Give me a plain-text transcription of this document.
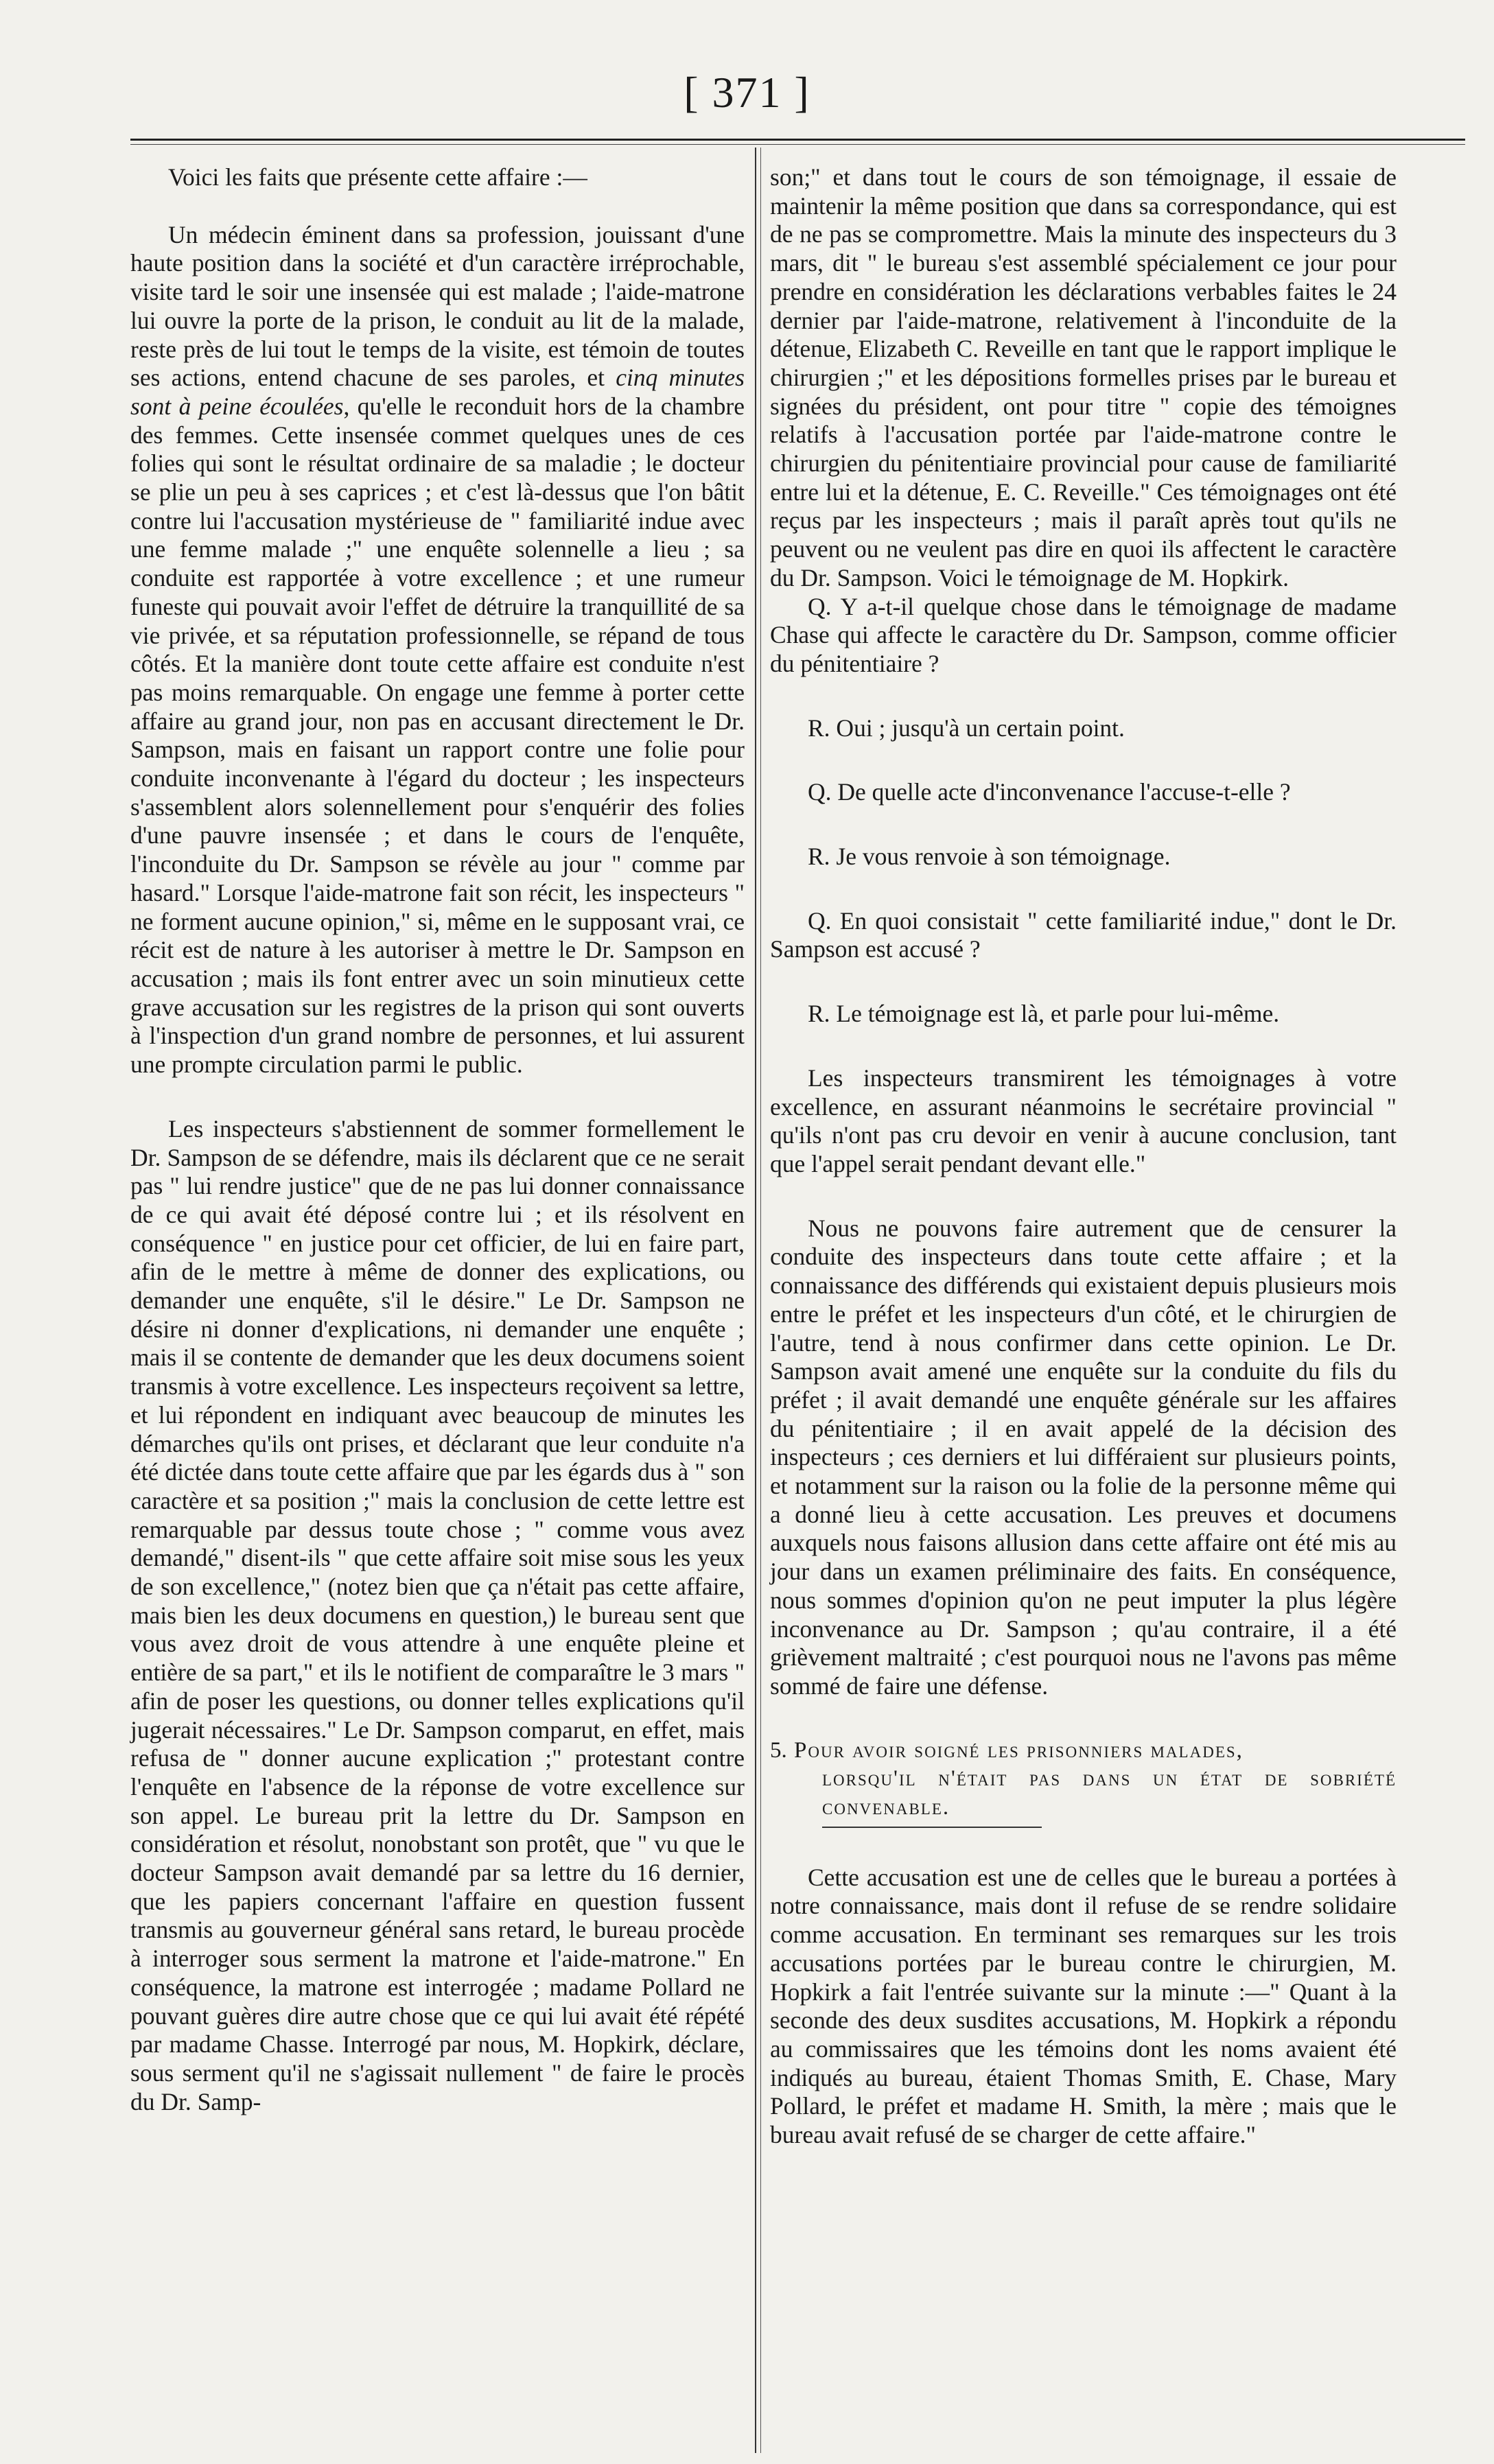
[ 371 ]

Voici les faits que présente cette affaire :—

Un médecin éminent dans sa profession, jouissant d'une haute position dans la société et d'un caractère irréprochable, visite tard le soir une insensée qui est malade ; l'aide-matrone lui ouvre la porte de la prison, le conduit au lit de la malade, reste près de lui tout le temps de la visite, est témoin de toutes ses actions, entend chacune de ses paroles, et cinq minutes sont à peine écoulées, qu'elle le reconduit hors de la chambre des femmes. Cette insensée commet quelques unes de ces folies qui sont le résultat ordinaire de sa maladie ; le docteur se plie un peu à ses caprices ; et c'est là-dessus que l'on bâtit contre lui l'accusation mystérieuse de " familiarité indue avec une femme malade ;" une enquête solennelle a lieu ; sa conduite est rapportée à votre excellence ; et une rumeur funeste qui pouvait avoir l'effet de détruire la tranquillité de sa vie privée, et sa réputation professionnelle, se répand de tous côtés. Et la manière dont toute cette affaire est conduite n'est pas moins remarquable. On engage une femme à porter cette affaire au grand jour, non pas en accusant directement le Dr. Sampson, mais en faisant un rapport contre une folie pour conduite inconvenante à l'égard du docteur ; les inspecteurs s'assemblent alors solennellement pour s'enquérir des folies d'une pauvre insensée ; et dans le cours de l'enquête, l'inconduite du Dr. Sampson se révèle au jour " comme par hasard." Lorsque l'aide-matrone fait son récit, les inspecteurs " ne forment aucune opinion," si, même en le supposant vrai, ce récit est de nature à les autoriser à mettre le Dr. Sampson en accusation ; mais ils font entrer avec un soin minutieux cette grave accusation sur les registres de la prison qui sont ouverts à l'inspection d'un grand nombre de personnes, et lui assurent une prompte circulation parmi le public.

Les inspecteurs s'abstiennent de sommer formellement le Dr. Sampson de se défendre, mais ils déclarent que ce ne serait pas " lui rendre justice" que de ne pas lui donner connaissance de ce qui avait été déposé contre lui ; et ils résolvent en conséquence " en justice pour cet officier, de lui en faire part, afin de le mettre à même de donner des explications, ou demander une enquête, s'il le désire." Le Dr. Sampson ne désire ni donner d'explications, ni demander une enquête ; mais il se contente de demander que les deux documens soient transmis à votre excellence. Les inspecteurs reçoivent sa lettre, et lui répondent en indiquant avec beaucoup de minutes les démarches qu'ils ont prises, et déclarant que leur conduite n'a été dictée dans toute cette affaire que par les égards dus à " son caractère et sa position ;" mais la conclusion de cette lettre est remarquable par dessus toute chose ; " comme vous avez demandé," disent-ils " que cette affaire soit mise sous les yeux de son excellence," (notez bien que ça n'était pas cette affaire, mais bien les deux documens en question,) le bureau sent que vous avez droit de vous attendre à une enquête pleine et entière de sa part," et ils le notifient de comparaître le 3 mars " afin de poser les questions, ou donner telles explications qu'il jugerait nécessaires." Le Dr. Sampson comparut, en effet, mais refusa de " donner aucune explication ;" protestant contre l'enquête en l'absence de la réponse de votre excellence sur son appel. Le bureau prit la lettre du Dr. Sampson en considération et résolut, nonobstant son protêt, que " vu que le docteur Sampson avait demandé par sa lettre du 16 dernier, que les papiers concernant l'affaire en question fussent transmis au gouverneur général sans retard, le bureau procède à interroger sous serment la matrone et l'aide-matrone." En conséquence, la matrone est interrogée ; madame Pollard ne pouvant guères dire autre chose que ce qui lui avait été répété par madame Chasse. Interrogé par nous, M. Hopkirk, déclare, sous serment qu'il ne s'agissait nullement " de faire le procès du Dr. Samp-

son;" et dans tout le cours de son témoignage, il essaie de maintenir la même position que dans sa correspondance, qui est de ne pas se compromettre. Mais la minute des inspecteurs du 3 mars, dit " le bureau s'est assemblé spécialement ce jour pour prendre en considération les déclarations verbables faites le 24 dernier par l'aide-matrone, relativement à l'inconduite de la détenue, Elizabeth C. Reveille en tant que le rapport implique le chirurgien ;" et les dépositions formelles prises par le bureau et signées du président, ont pour titre " copie des témoignes relatifs à l'accusation portée par l'aide-matrone contre le chirurgien du pénitentiaire provincial pour cause de familiarité entre lui et la détenue, E. C. Reveille." Ces témoignages ont été reçus par les inspecteurs ; mais il paraît après tout qu'ils ne peuvent ou ne veulent pas dire en quoi ils affectent le caractère du Dr. Sampson. Voici le témoignage de M. Hopkirk.

Q. Y a-t-il quelque chose dans le témoignage de madame Chase qui affecte le caractère du Dr. Sampson, comme officier du pénitentiaire ?

R. Oui ; jusqu'à un certain point.

Q. De quelle acte d'inconvenance l'accuse-t-elle ?

R. Je vous renvoie à son témoignage.

Q. En quoi consistait " cette familiarité indue," dont le Dr. Sampson est accusé ?

R. Le témoignage est là, et parle pour lui-même.

Les inspecteurs transmirent les témoignages à votre excellence, en assurant néanmoins le secrétaire provincial " qu'ils n'ont pas cru devoir en venir à aucune conclusion, tant que l'appel serait pendant devant elle."

Nous ne pouvons faire autrement que de censurer la conduite des inspecteurs dans toute cette affaire ; et la connaissance des différends qui existaient depuis plusieurs mois entre le préfet et les inspecteurs d'un côté, et le chirurgien de l'autre, tend à nous confirmer dans cette opinion. Le Dr. Sampson avait amené une enquête sur la conduite du fils du préfet ; il avait demandé une enquête générale sur les affaires du pénitentiaire ; il en avait appelé de la décision des inspecteurs ; ces derniers et lui différaient sur plusieurs points, et notamment sur la raison ou la folie de la personne même qui a donné lieu à cette accusation. Les preuves et documens auxquels nous faisons allusion dans cette affaire ont été mis au jour dans un examen préliminaire des faits. En conséquence, nous sommes d'opinion qu'on ne peut imputer la plus légère inconvenance au Dr. Sampson ; qu'au contraire, il a été grièvement maltraité ; c'est pourquoi nous ne l'avons pas même sommé de faire une défense.

5. Pour avoir soigné les prisonniers malades,

lorsqu'il n'était pas dans un état de sobriété convenable.

Cette accusation est une de celles que le bureau a portées à notre connaissance, mais dont il refuse de se rendre solidaire comme accusation. En terminant ses remarques sur les trois accusations portées par le bureau contre le chirurgien, M. Hopkirk a fait l'entrée suivante sur la minute :—" Quant à la seconde des deux susdites accusations, M. Hopkirk a répondu au commissaires que les témoins dont les noms avaient été indiqués au bureau, étaient Thomas Smith, E. Chase, Mary Pollard, le préfet et madame H. Smith, la mère ; mais que le bureau avait refusé de se charger de cette affaire."
